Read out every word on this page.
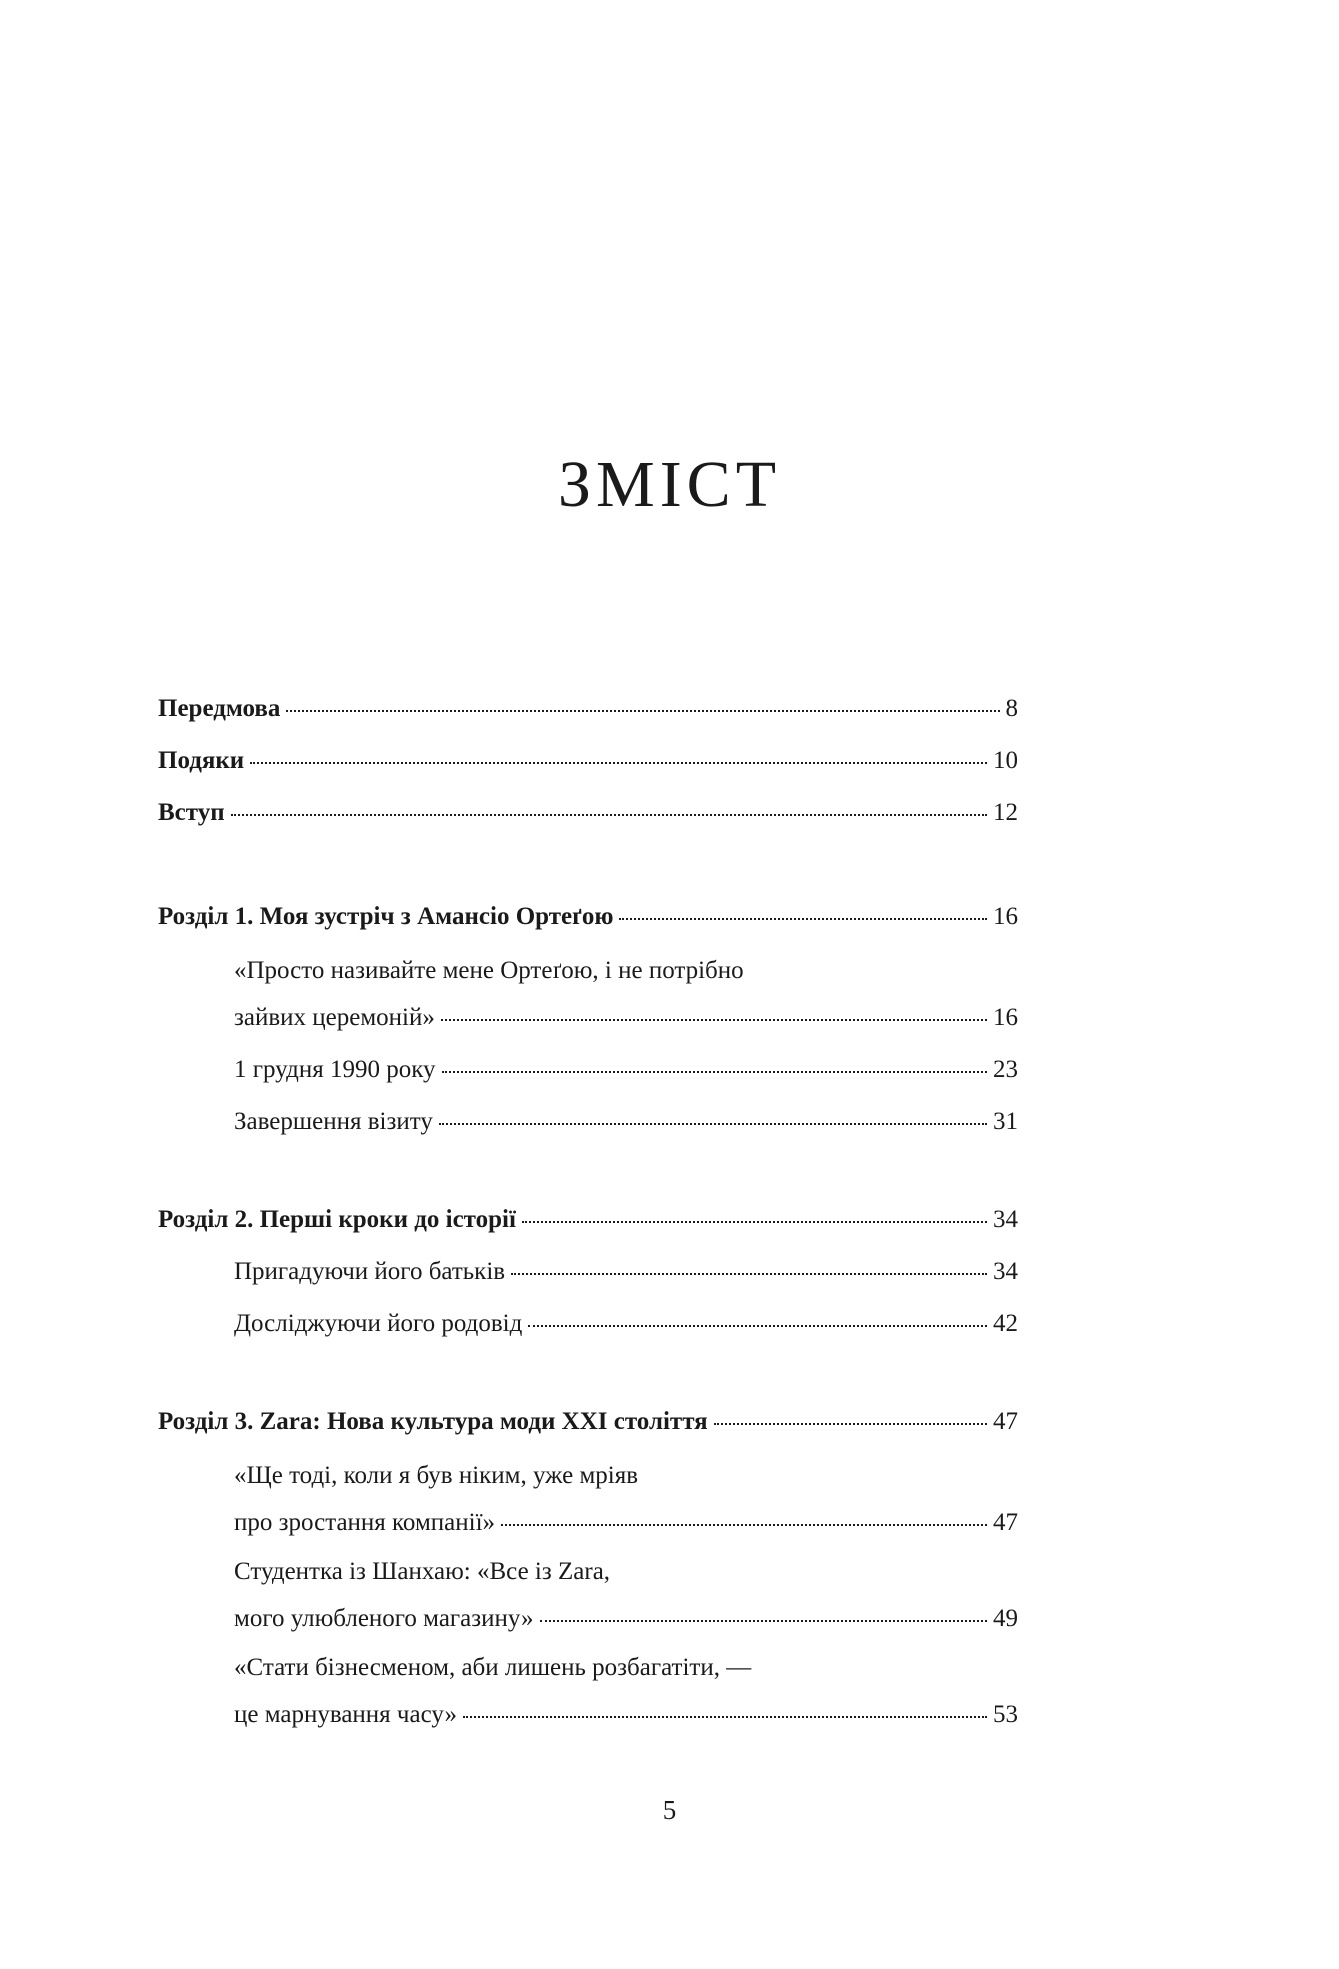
ЗМІСТ
Передмова	8
Подяки	10
Вступ	12
Розділ 1. Моя зустріч з Амансіо Ортеґою	16
«Просто називайте мене Ортеґою, і не потрібно
зайвих церемоній»	16
1 грудня 1990 року	23
Завершення візиту	31
Розділ 2. Перші кроки до історії	34
Пригадуючи його батьків	34
Досліджуючи його родовід	42
Розділ 3. Zara: Нова культура моди XXI століття	47
«Ще тоді, коли я був ніким, уже мріяв
про зростання компанії»	47
Студентка із Шанхаю: «Все із Zara,
мого улюбленого магазину»	49
«Стати бізнесменом, аби лишень розбагатіти, —
це марнування часу»	53
5
